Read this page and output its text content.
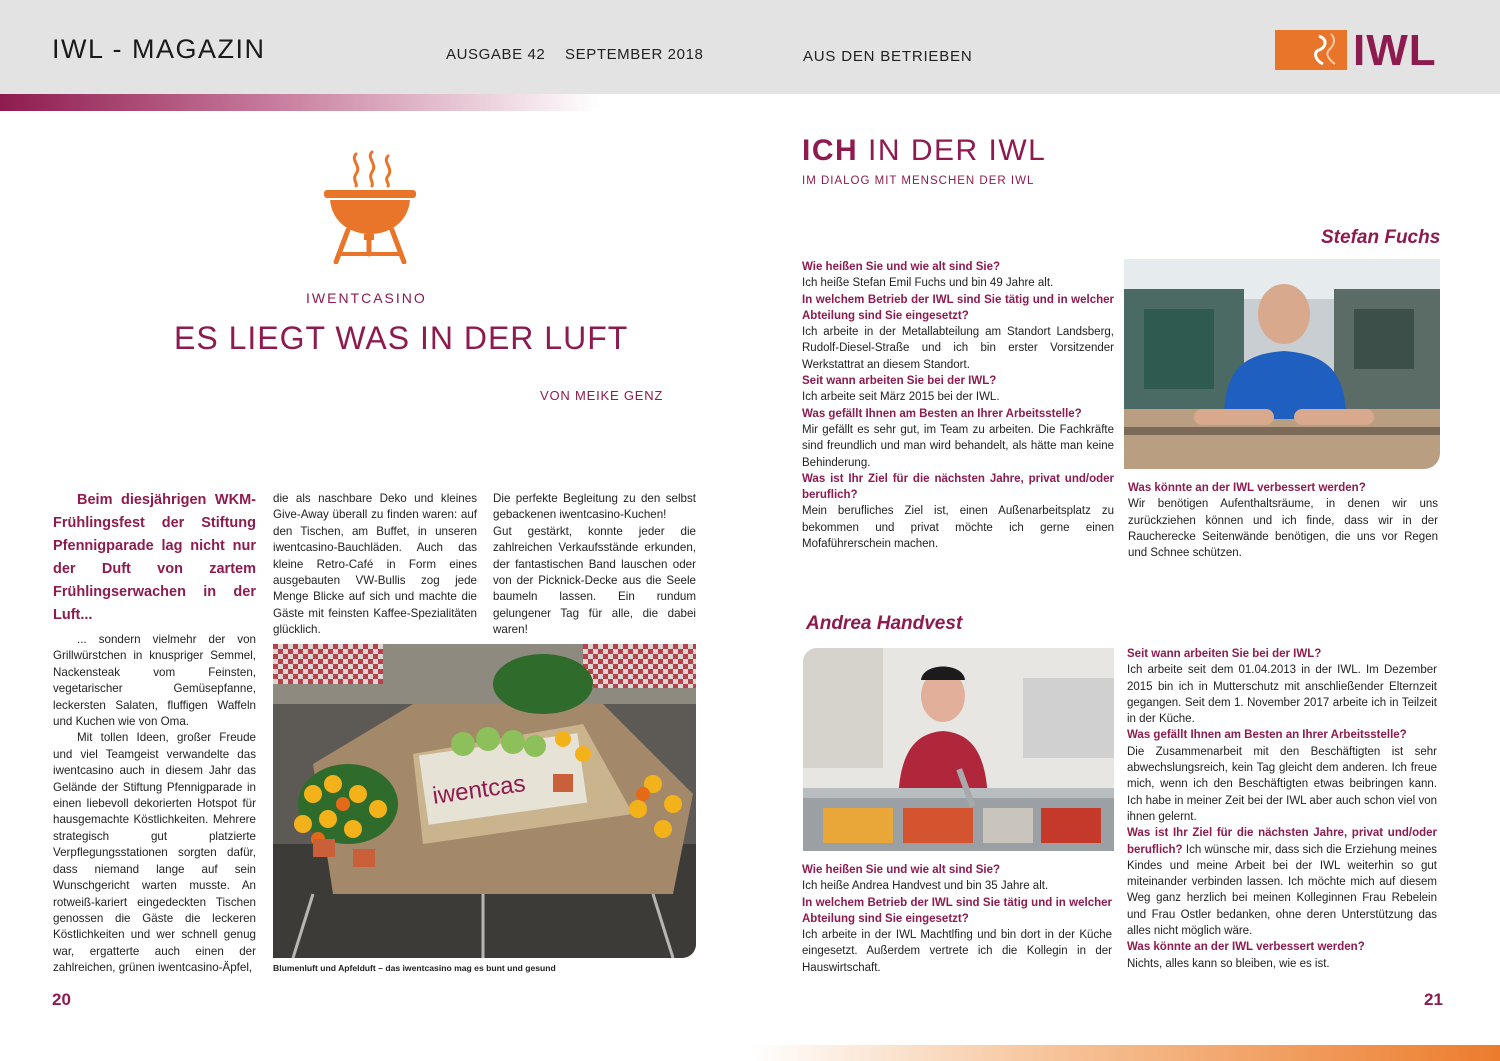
IWL - MAGAZIN	AUSGABE 42 SEPTEMBER 2018	AUS DEN BETRIEBEN	IWL
IWENTCASINO
ES LIEGT WAS IN DER LUFT
VON MEIKE GENZ
Beim diesjährigen WKM-Frühlingsfest der Stiftung Pfennigparade lag nicht nur der Duft von zartem Frühlingserwachen in der Luft...

... sondern vielmehr der von Grillwürstchen in knuspriger Semmel, Nackensteak vom Feinsten, vegetarischer Gemüsepfanne, leckersten Salaten, fluffigen Waffeln und Kuchen wie von Oma.

Mit tollen Ideen, großer Freude und viel Teamgeist verwandelte das iwentcasino auch in diesem Jahr das Gelände der Stiftung Pfennigparade in einen liebevoll dekorierten Hotspot für hausgemachte Köstlichkeiten. Mehrere strategisch gut platzierte Verpflegungsstationen sorgten dafür, dass niemand lange auf sein Wunschgericht warten musste. An rotweiß-kariert eingedeckten Tischen genossen die Gäste die leckeren Köstlichkeiten und wer schnell genug war, ergatterte auch einen der zahlreichen, grünen iwentcasino-Äpfel,

die als naschbare Deko und kleines Give-Away überall zu finden waren: auf den Tischen, am Buffet, in unseren iwentcasino-Bauchläden. Auch das kleine Retro-Café in Form eines ausgebauten VW-Bullis zog jede Menge Blicke auf sich und machte die Gäste mit feinsten Kaffee-Spezialitäten glücklich.

Die perfekte Begleitung zu den selbst gebackenen iwentcasino-Kuchen!

Gut gestärkt, konnte jeder die zahlreichen Verkaufsstände erkunden, der fantastischen Band lauschen oder von der Picknick-Decke aus die Seele baumeln lassen. Ein rundum gelungener Tag für alle, die dabei waren!

iwentcas
Blumenluft und Apfelduft – das iwentcasino mag es bunt und gesund
20
ICH IN DER IWL
IM DIALOG MIT MENSCHEN DER IWL
Stefan Fuchs
Wie heißen Sie und wie alt sind Sie?
Ich heiße Stefan Emil Fuchs und bin 49 Jahre alt.
In welchem Betrieb der IWL sind Sie tätig und in welcher Abteilung sind Sie eingesetzt?
Ich arbeite in der Metallabteilung am Standort Landsberg, Rudolf-Diesel-Straße und ich bin erster Vorsitzender Werkstattrat an diesem Standort.
Seit wann arbeiten Sie bei der IWL?
Ich arbeite seit März 2015 bei der IWL.
Was gefällt Ihnen am Besten an Ihrer Arbeitsstelle?
Mir gefällt es sehr gut, im Team zu arbeiten. Die Fachkräfte sind freundlich und man wird behandelt, als hätte man keine Behinderung.
Was ist Ihr Ziel für die nächsten Jahre, privat und/oder beruflich?
Mein berufliches Ziel ist, einen Außenarbeitsplatz zu bekommen und privat möchte ich gerne einen Mofaführerschein machen.
Was könnte an der IWL verbessert werden?
Wir benötigen Aufenthaltsräume, in denen wir uns zurückziehen können und ich finde, dass wir in der Raucherecke Seitenwände benötigen, die uns vor Regen und Schnee schützen.
Andrea Handvest
Wie heißen Sie und wie alt sind Sie?
Ich heiße Andrea Handvest und bin 35 Jahre alt.
In welchem Betrieb der IWL sind Sie tätig und in welcher Abteilung sind Sie eingesetzt?
Ich arbeite in der IWL Machtlfing und bin dort in der Küche eingesetzt. Außerdem vertrete ich die Kollegin in der Hauswirtschaft.
Seit wann arbeiten Sie bei der IWL?
Ich arbeite seit dem 01.04.2013 in der IWL. Im Dezember 2015 bin ich in Mutterschutz mit anschließender Elternzeit gegangen. Seit dem 1. November 2017 arbeite ich in Teilzeit in der Küche.
Was gefällt Ihnen am Besten an Ihrer Arbeitsstelle?
Die Zusammenarbeit mit den Beschäftigten ist sehr abwechslungsreich, kein Tag gleicht dem anderen. Ich freue mich, wenn ich den Beschäftigten etwas beibringen kann. Ich habe in meiner Zeit bei der IWL aber auch schon viel von ihnen gelernt.
Was ist Ihr Ziel für die nächsten Jahre, privat und/oder beruflich? Ich wünsche mir, dass sich die Erziehung meines Kindes und meine Arbeit bei der IWL weiterhin so gut miteinander verbinden lassen. Ich möchte mich auf diesem Weg ganz herzlich bei meinen Kolleginnen Frau Rebelein und Frau Ostler bedanken, ohne deren Unterstützung das alles nicht möglich wäre.
Was könnte an der IWL verbessert werden?
Nichts, alles kann so bleiben, wie es ist.
21
